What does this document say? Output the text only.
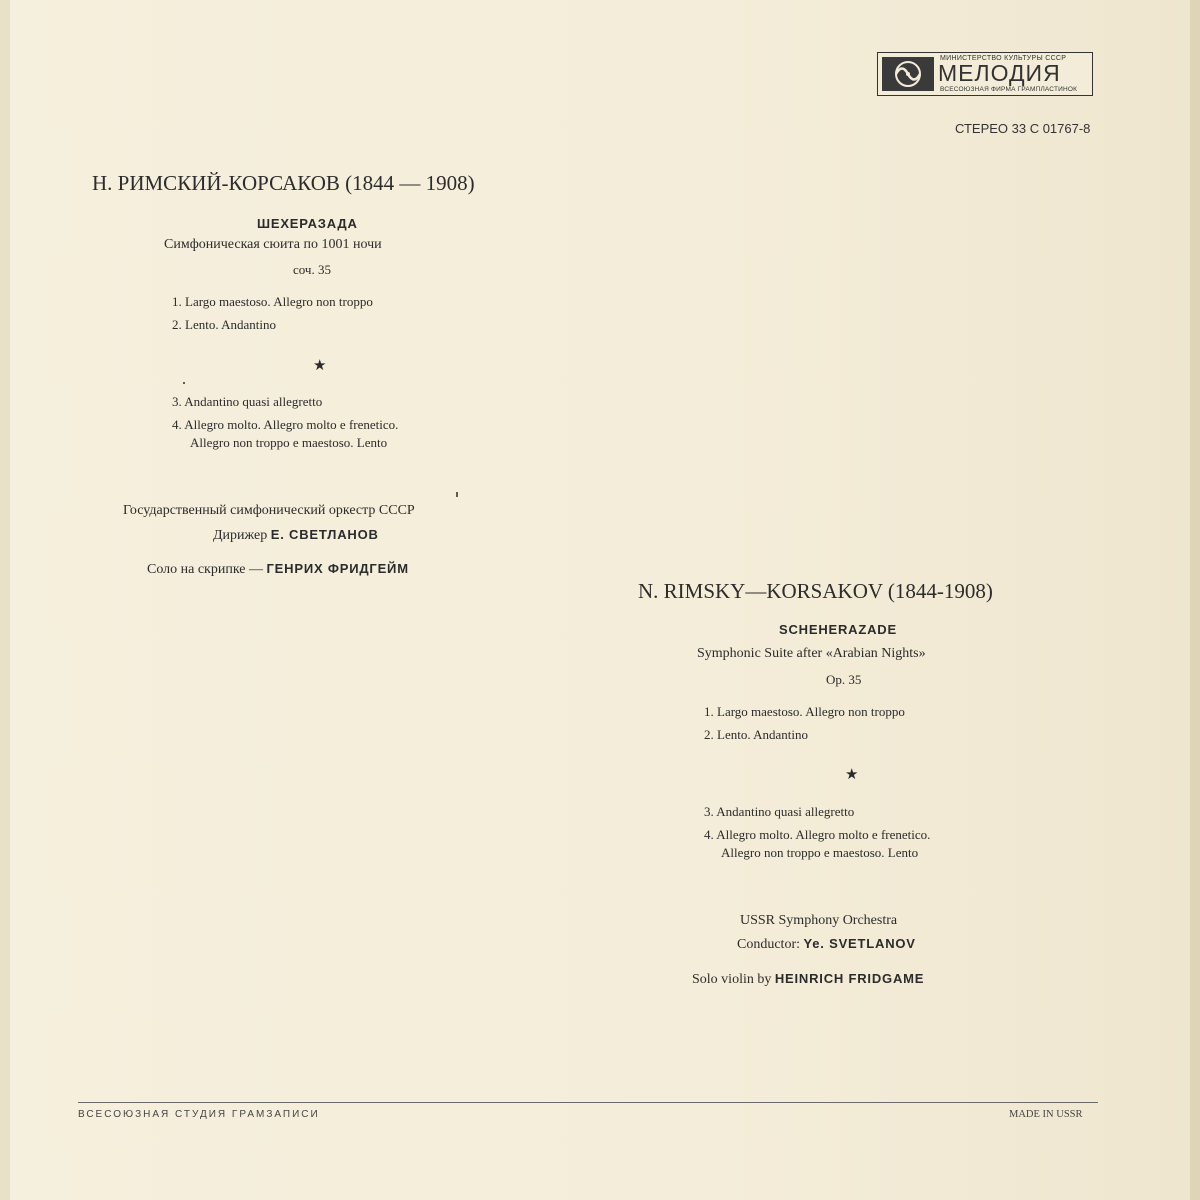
МИНИСТЕРСТВО КУЛЬТУРЫ СССР
МЕЛОДИЯ
ВСЕСОЮЗНАЯ ФИРМА ГРАМПЛАСТИНОК
СТЕРЕО 33 С 01767-8
Н. РИМСКИЙ-КОРСАКОВ (1844 — 1908)
ШЕХЕРАЗАДА
Симфоническая сюита по 1001 ночи
соч. 35
1. Largo maestoso. Allegro non troppo
2. Lento. Andantino
★
3. Andantino quasi allegretto
4. Allegro molto. Allegro molto e frenetico.
Allegro non troppo e maestoso. Lento
Государственный симфонический оркестр СССР
Дирижер Е. СВЕТЛАНОВ
Соло на скрипке — ГЕНРИХ ФРИДГЕЙМ
N. RIMSKY—KORSAKOV (1844-1908)
SCHEHERAZADE
Symphonic Suite after «Arabian Nights»
Op. 35
1. Largo maestoso. Allegro non troppo
2. Lento. Andantino
★
3. Andantino quasi allegretto
4. Allegro molto. Allegro molto e frenetico.
Allegro non troppo e maestoso. Lento
USSR Symphony Orchestra
Conductor: Ye. SVETLANOV
Solo violin by HEINRICH FRIDGAME
ВСЕСОЮЗНАЯ СТУДИЯ ГРАМЗАПИСИ	MADE IN USSR
